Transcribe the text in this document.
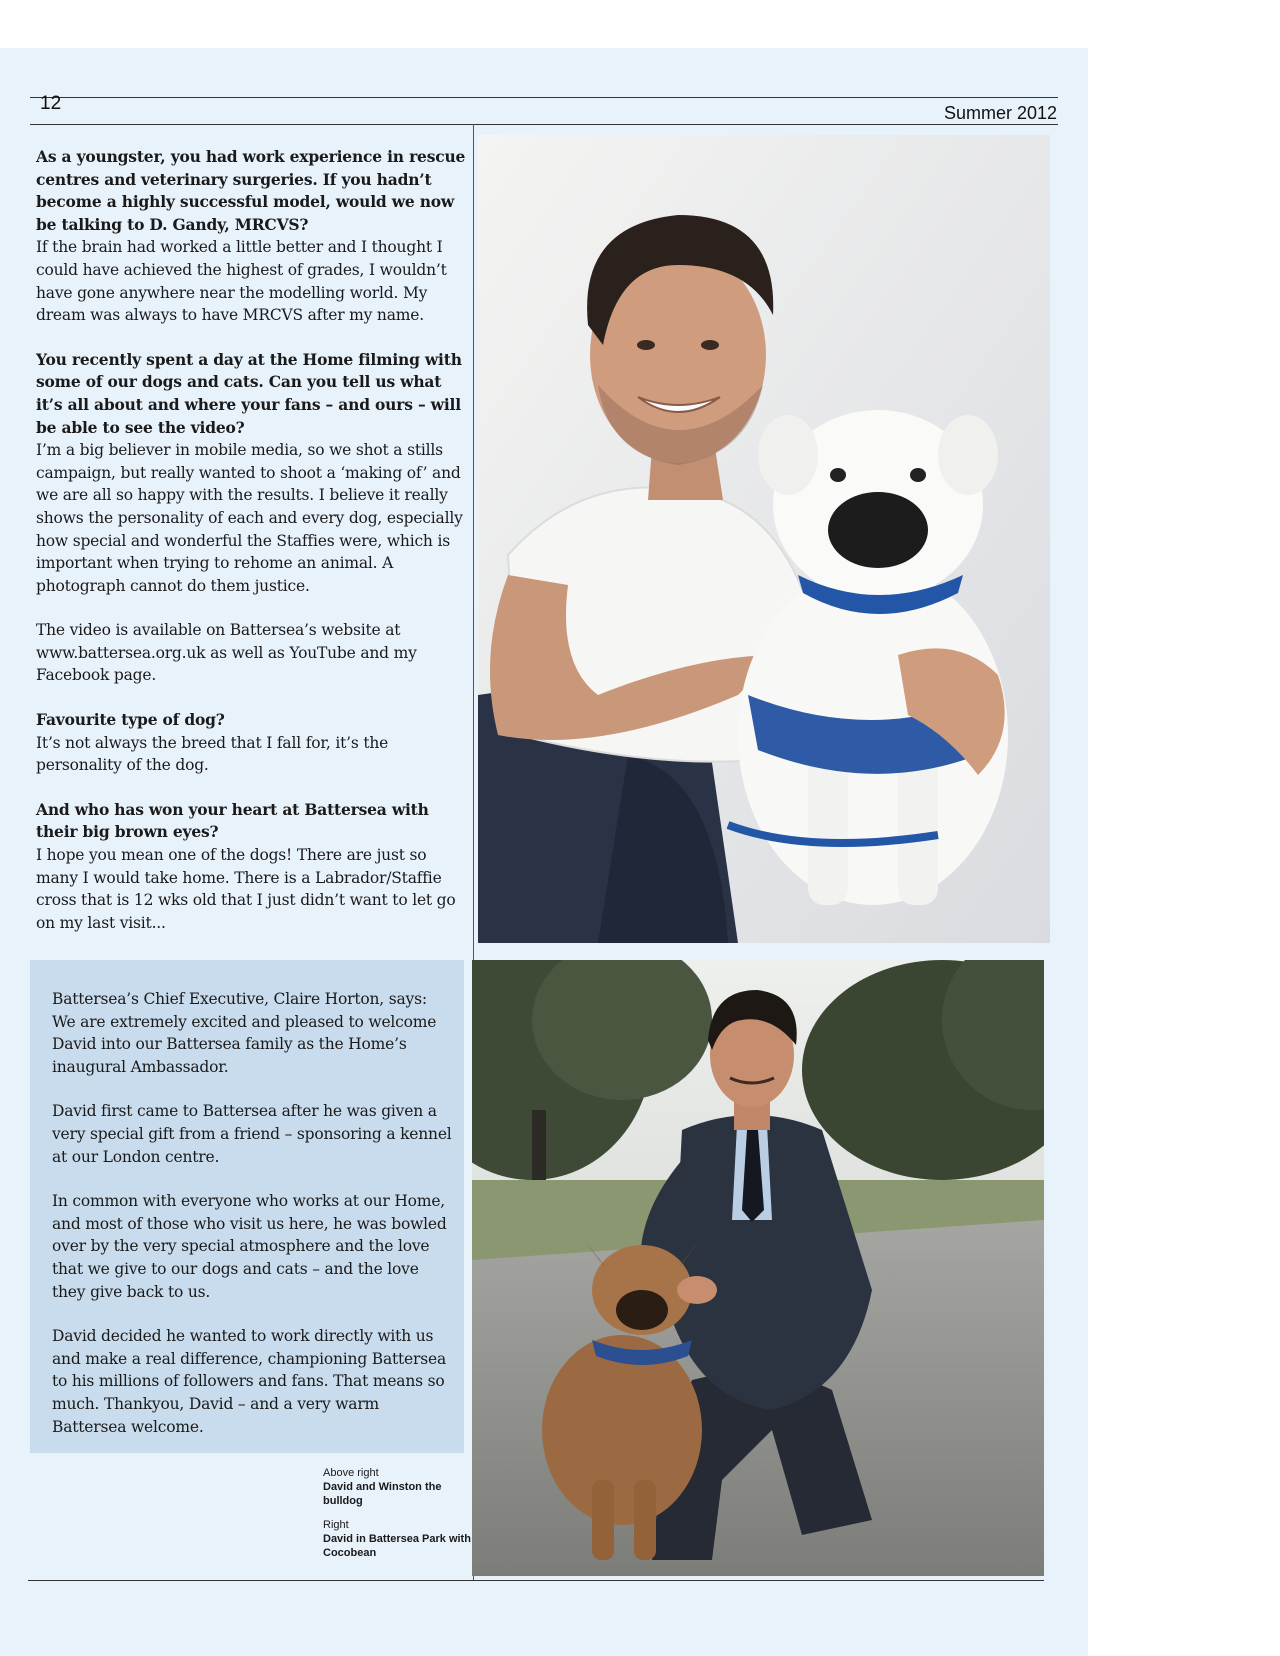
12	Summer 2012
As a youngster, you had work experience in rescue centres and veterinary surgeries. If you hadn’t become a highly successful model, would we now be talking to D. Gandy, MRCVS?
If the brain had worked a little better and I thought I could have achieved the highest of grades, I wouldn’t have gone anywhere near the modelling world. My dream was always to have MRCVS after my name.
You recently spent a day at the Home filming with some of our dogs and cats. Can you tell us what it’s all about and where your fans – and ours – will be able to see the video?
I’m a big believer in mobile media, so we shot a stills campaign, but really wanted to shoot a ‘making of’ and we are all so happy with the results. I believe it really shows the personality of each and every dog, especially how special and wonderful the Staffies were, which is important when trying to rehome an animal. A photograph cannot do them justice.
The video is available on Battersea’s website at www.battersea.org.uk as well as YouTube and my Facebook page.
Favourite type of dog?
It’s not always the breed that I fall for, it’s the personality of the dog.
And who has won your heart at Battersea with their big brown eyes?
I hope you mean one of the dogs! There are just so many I would take home. There is a Labrador/Staffie cross that is 12 wks old that I just didn’t want to let go on my last visit...

Battersea’s Chief Executive, Claire Horton, says: We are extremely excited and pleased to welcome David into our Battersea family as the Home’s inaugural Ambassador.

David first came to Battersea after he was given a very special gift from a friend – sponsoring a kennel at our London centre.

In common with everyone who works at our Home, and most of those who visit us here, he was bowled over by the very special atmosphere and the love that we give to our dogs and cats – and the love they give back to us.

David decided he wanted to work directly with us and make a real difference, championing Battersea to his millions of followers and fans. That means so much. Thankyou, David – and a very warm Battersea welcome.

Above right
David and Winston the bulldog
Right
David in Battersea Park with Cocobean
